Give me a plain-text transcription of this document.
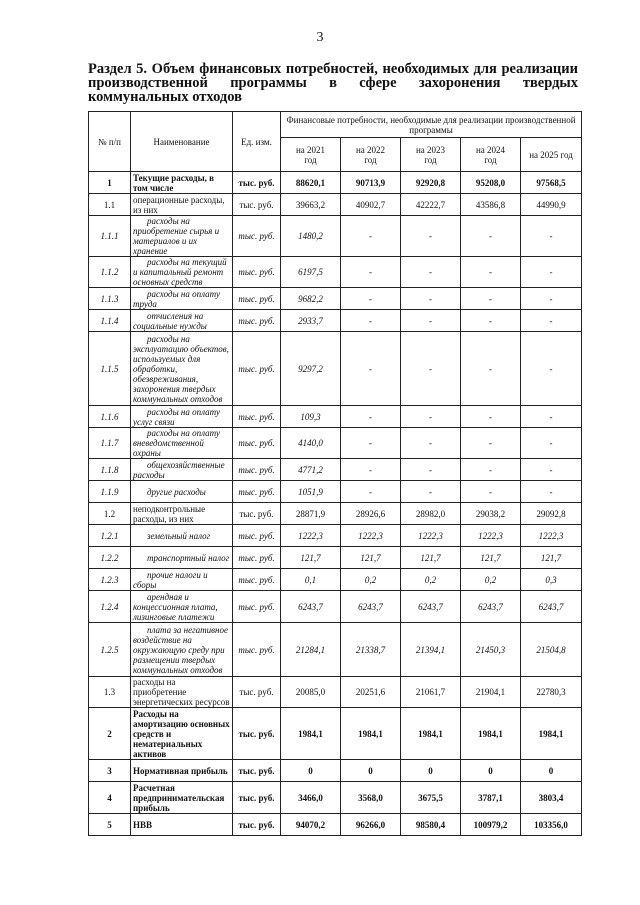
3
Раздел 5. Объем финансовых потребностей, необходимых для реализации производственной программы в сфере захоронения твердых коммунальных отходов
№ п/п	Наименование	Ед. изм.	Финансовые потребности, необходимые для реализации производственной программы				
			на 2021 год	на 2022 год	на 2023 год	на 2024 год	на 2025 год
1	Текущие расходы, в том числе	тыс. руб.	88620,1	90713,9	92920,8	95208,0	97568,5
1.1	операционные расходы, из них	тыс. руб.	39663,2	40902,7	42222,7	43586,8	44990,9
1.1.1	расходы на приобретение сырья и материалов и их хранение	тыс. руб.	1480,2	-	-	-	-
1.1.2	расходы на текущий и капитальный ремонт основных средств	тыс. руб.	6197,5	-	-	-	-
1.1.3	расходы на оплату труда	тыс. руб.	9682,2	-	-	-	-
1.1.4	отчисления на социальные нужды	тыс. руб.	2933,7	-	-	-	-
1.1.5	расходы на эксплуатацию объектов, используемых для обработки, обезвреживания, захоронения твердых коммунальных отходов	тыс. руб.	9297,2	-	-	-	-
1.1.6	расходы на оплату услуг связи	тыс. руб.	109,3	-	-	-	-
1.1.7	расходы на оплату вневедомственной охраны	тыс. руб.	4140,0	-	-	-	-
1.1.8	общехозяйственные расходы	тыс. руб.	4771,2	-	-	-	-
1.1.9	другие расходы	тыс. руб.	1051,9	-	-	-	-
1.2	неподконтрольные расходы, из них	тыс. руб.	28871,9	28926,6	28982,0	29038,2	29092,8
1.2.1	земельный налог	тыс. руб.	1222,3	1222,3	1222,3	1222,3	1222,3
1.2.2	транспортный налог	тыс. руб.	121,7	121,7	121,7	121,7	121,7
1.2.3	прочие налоги и сборы	тыс. руб.	0,1	0,2	0,2	0,2	0,3
1.2.4	арендная и концессионная плата, лизинговые платежи	тыс. руб.	6243,7	6243,7	6243,7	6243,7	6243,7
1.2.5	плата за негативное воздействие на окружающую среду при размещении твердых коммунальных отходов	тыс. руб.	21284,1	21338,7	21394,1	21450,3	21504,8
1.3	расходы на приобретение энергетических ресурсов	тыс. руб.	20085,0	20251,6	21061,7	21904,1	22780,3
2	Расходы на амортизацию основных средств и нематериальных активов	тыс. руб.	1984,1	1984,1	1984,1	1984,1	1984,1
3	Нормативная прибыль	тыс. руб.	0	0	0	0	0
4	Расчетная предпринимательская прибыль	тыс. руб.	3466,0	3568,0	3675,5	3787,1	3803,4
5	НВВ	тыс. руб.	94070,2	96266,0	98580,4	100979,2	103356,0
